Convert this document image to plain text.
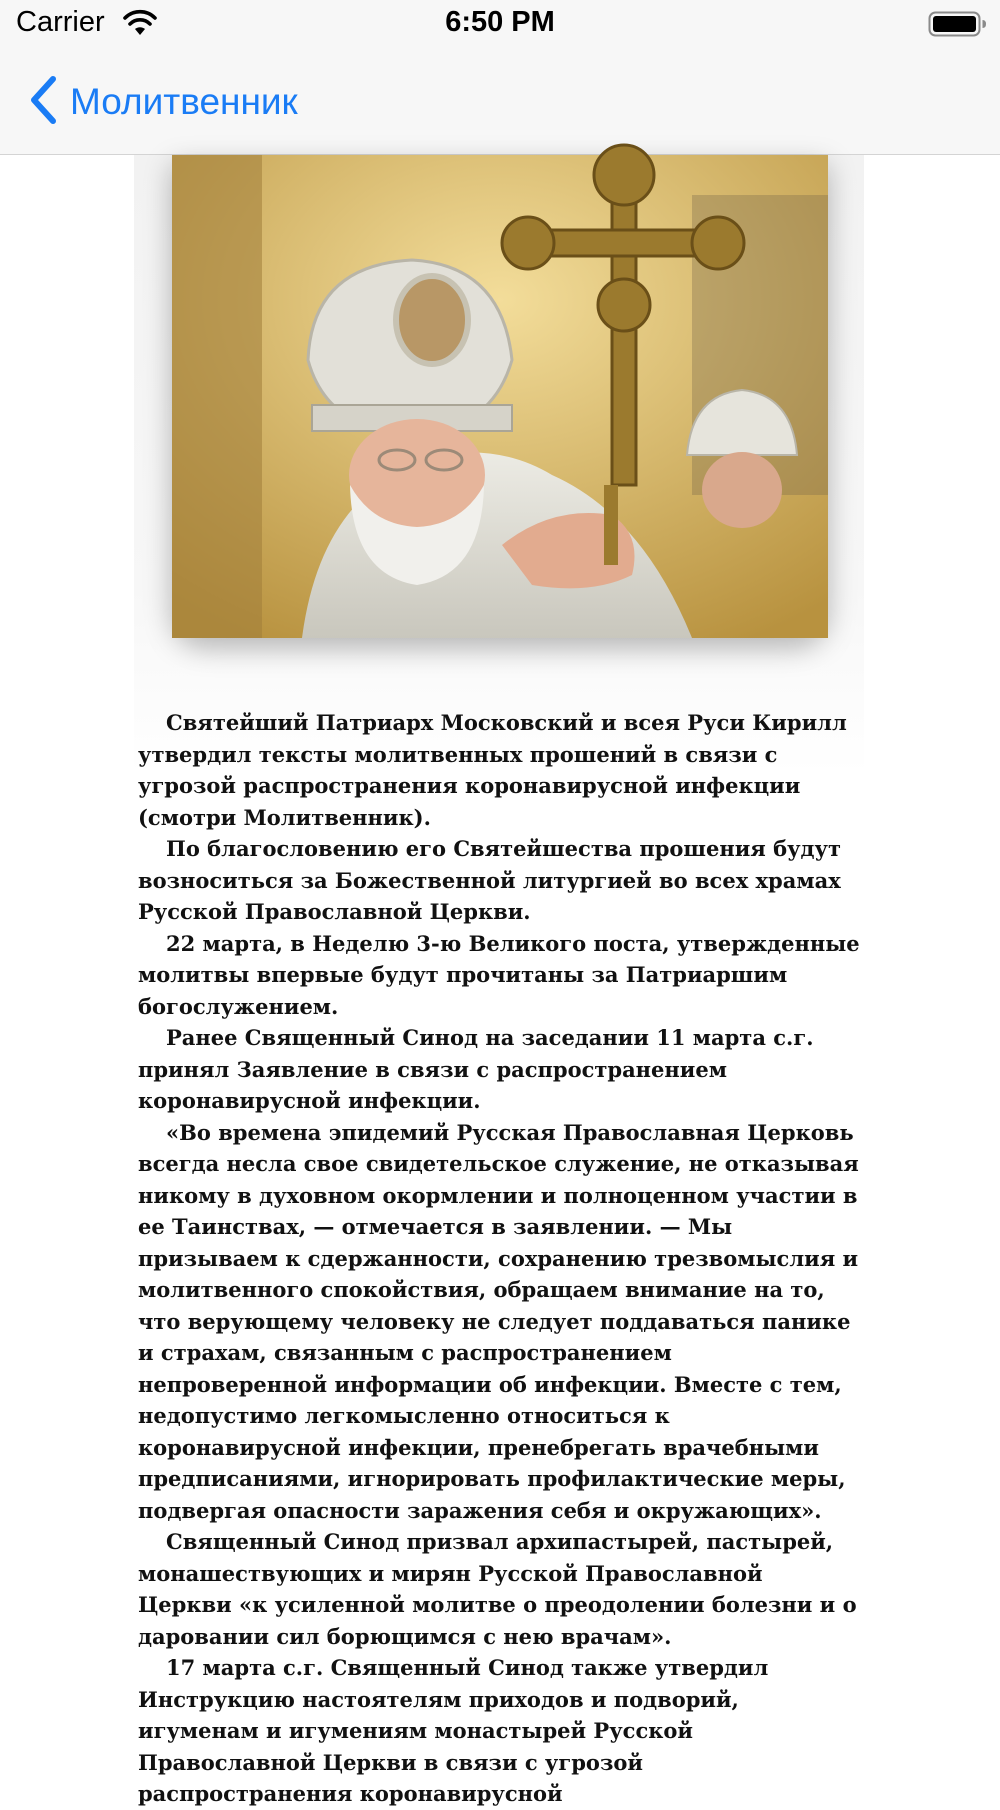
Carrier	6:50 PM
Молитвенник

Святейший Патриарх Московский и всея Руси Кирилл утвердил тексты молитвенных прошений в связи с угрозой распространения коронавирусной инфекции (смотри Молитвенник).

По благословению его Святейшества прошения будут возноситься за Божественной литургией во всех храмах Русской Православной Церкви.

22 марта, в Неделю 3-ю Великого поста, утвержденные молитвы впервые будут прочитаны за Патриаршим богослужением.

Ранее Священный Синод на заседании 11 марта с.г. принял Заявление в связи с распространением коронавирусной инфекции.

«Во времена эпидемий Русская Православная Церковь всегда несла свое свидетельское служение, не отказывая никому в духовном окормлении и полноценном участии в ее Таинствах, — отмечается в заявлении. — Мы призываем к сдержанности, сохранению трезвомыслия и молитвенного спокойствия, обращаем внимание на то, что верующему человеку не следует поддаваться панике и страхам, связанным с распространением непроверенной информации об инфекции. Вместе с тем, недопустимо легкомысленно относиться к коронавирусной инфекции, пренебрегать врачебными предписаниями, игнорировать профилактические меры, подвергая опасности заражения себя и окружающих».

Священный Синод призвал архипастырей, пастырей, монашествующих и мирян Русской Православной Церкви «к усиленной молитве о преодолении болезни и о даровании сил борющимся с нею врачам».

17 марта с.г. Священный Синод также утвердил Инструкцию настоятелям приходов и подворий, игуменам и игумениям монастырей Русской Православной Церкви в связи с угрозой распространения коронавирусной
